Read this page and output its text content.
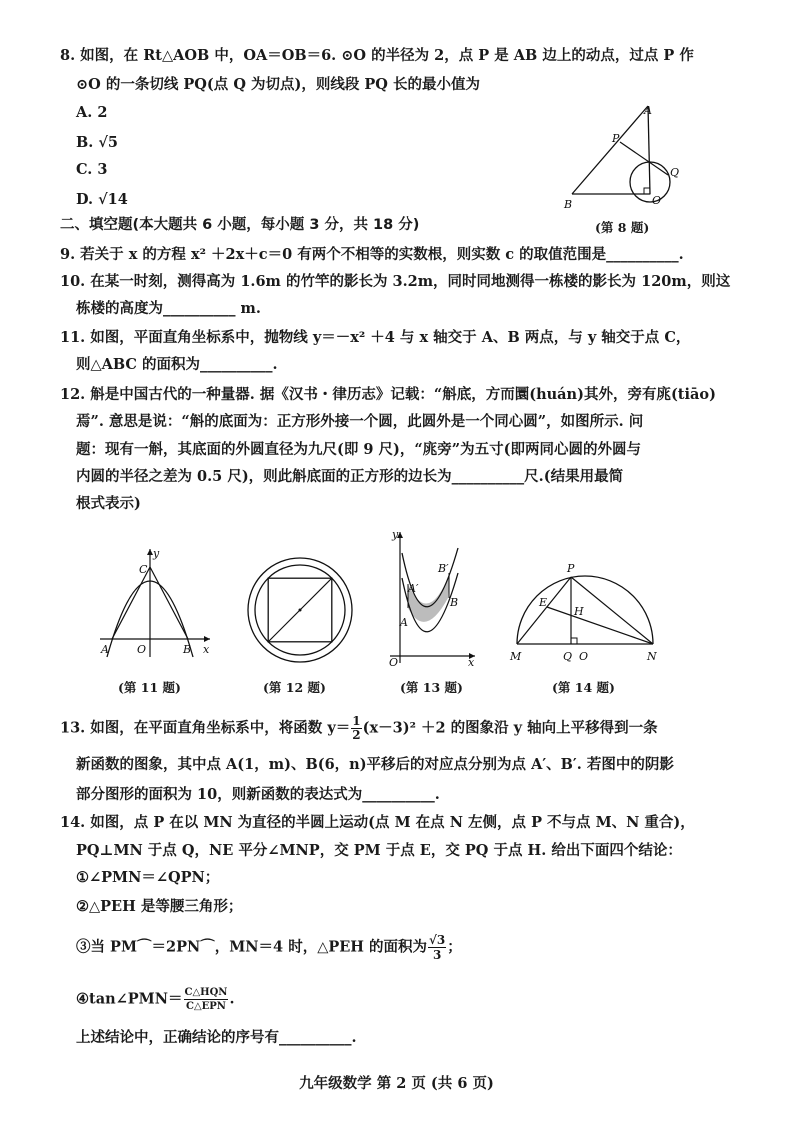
8. 如图，在 Rt△AOB 中，OA＝OB＝6. ⊙O 的半径为 2，点 P 是 AB 边上的动点，过点 P 作
⊙O 的一条切线 PQ(点 Q 为切点)，则线段 PQ 长的最小值为
A. 2
B. √5
C. 3
D. √14
A
P
Q
B	O
(第 8 题)
二、填空题(本大题共 6 小题，每小题 3 分，共 18 分)
9. 若关于 x 的方程 x² ＋2x＋c＝0 有两个不相等的实数根，则实数 c 的取值范围是__________.
10. 在某一时刻，测得高为 1.6m 的竹竿的影长为 3.2m，同时同地测得一栋楼的影长为 120m，则这
栋楼的高度为__________ m.
11. 如图，平面直角坐标系中，抛物线 y＝－x² ＋4 与 x 轴交于 A、B 两点，与 y 轴交于点 C，
则△ABC 的面积为__________.
12. 斛是中国古代的一种量器. 据《汉书・律历志》记载：“斛底，方而圜(huán)其外，旁有庣(tiāo)
焉”. 意思是说：“斛的底面为：正方形外接一个圆，此圆外是一个同心圆”，如图所示. 问
题：现有一斛，其底面的外圆直径为九尺(即 9 尺)，“庣旁”为五寸(即两同心圆的外圆与
内圆的半径之差为 0.5 尺)，则此斛底面的正方形的边长为__________尺.(结果用最简
根式表示)
y
C
A	O	B x
(第 11 题)	(第 12 题)
y
A′
B′
A
B
O	x
(第 13 题)
P
E
H
M	Q O	N
(第 14 题)
13. 如图，在平面直角坐标系中，将函数 $y= \frac{1}{2} (x-3)^2 +2$ 的图象沿 y 轴向上平移得到一条
新函数的图象，其中点 A(1，m)、B(6，n)平移后的对应点分别为点 A′、B′. 若图中的阴影
部分图形的面积为 10，则新函数的表达式为__________.
14. 如图，点 P 在以 MN 为直径的半圆上运动(点 M 在点 N 左侧，点 P 不与点 M、N 重合)，
PQ⊥MN 于点 Q，NE 平分∠MNP，交 PM 于点 E，交 PQ 于点 H. 给出下面四个结论：
①∠PMN＝∠QPN；
②△PEH 是等腰三角形；
③当 PM⌒＝2PN⌒，MN＝4 时，△PEH 的面积为 $\frac{√3}{3}$ ；
④tan∠PMN＝ C△HQN
C△EPN .
上述结论中，正确结论的序号有__________.
九年级数学 第 2 页 (共 6 页)
